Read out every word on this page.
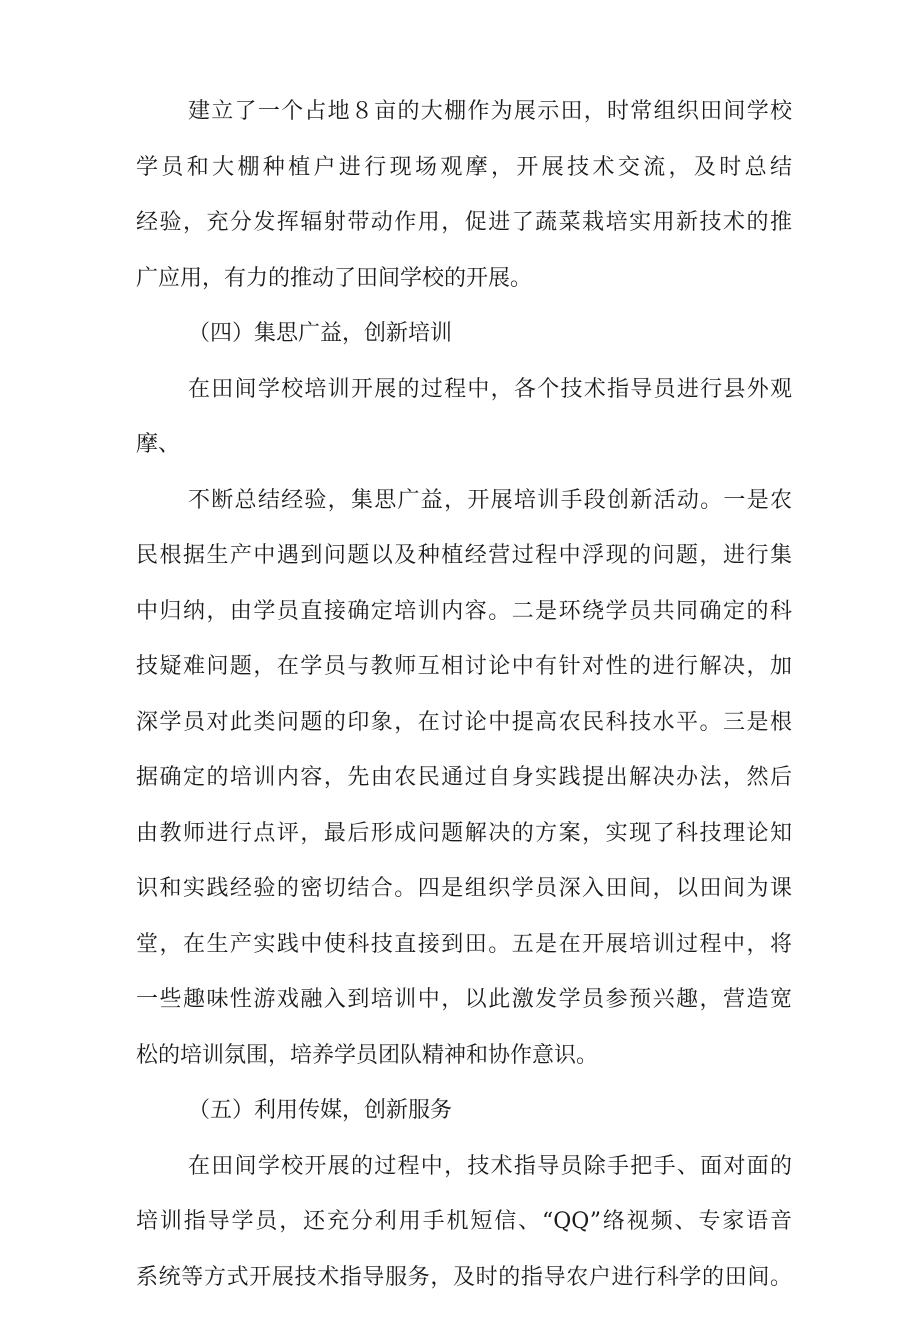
建立了一个占地８亩的大棚作为展示田，时常组织田间学校
学员和大棚种植户进行现场观摩，开展技术交流，及时总结
经验，充分发挥辐射带动作用，促进了蔬菜栽培实用新技术的推
广应用，有力的推动了田间学校的开展。
（四）集思广益，创新培训
在田间学校培训开展的过程中，各个技术指导员进行县外观
摩、
不断总结经验，集思广益，开展培训手段创新活动。一是农
民根据生产中遇到问题以及种植经营过程中浮现的问题，进行集
中归纳，由学员直接确定培训内容。二是环绕学员共同确定的科
技疑难问题，在学员与教师互相讨论中有针对性的进行解决，加
深学员对此类问题的印象，在讨论中提高农民科技水平。三是根
据确定的培训内容，先由农民通过自身实践提出解决办法，然后
由教师进行点评，最后形成问题解决的方案，实现了科技理论知
识和实践经验的密切结合。四是组织学员深入田间，以田间为课
堂，在生产实践中使科技直接到田。五是在开展培训过程中，将
一些趣味性游戏融入到培训中，以此激发学员参预兴趣，营造宽
松的培训氛围，培养学员团队精神和协作意识。
（五）利用传媒，创新服务
在田间学校开展的过程中，技术指导员除手把手、面对面的
培训指导学员，还充分利用手机短信、“QQ”络视频、专家语音
系统等方式开展技术指导服务，及时的指导农户进行科学的田间。
